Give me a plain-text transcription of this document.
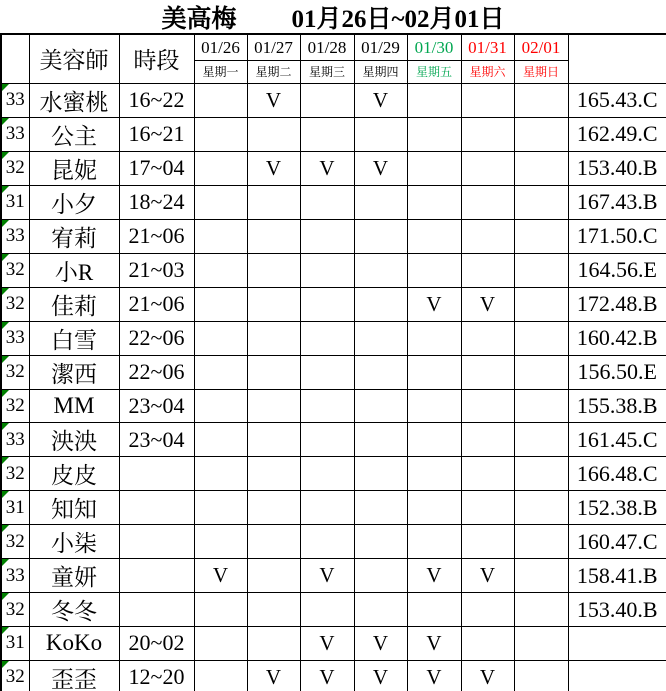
美高梅 01月26日~02月01日
	美容師	時段	01/26	01/27	01/28	01/29	01/30	01/31	02/01	
			星期一	星期二	星期三	星期四	星期五	星期六	星期日	

33	水蜜桃	16~22		V		V				165.43.C

33	公主	16~21								162.49.C

32	昆妮	17~04		V	V	V				153.40.B

31	小夕	18~24								167.43.B

33	宥莉	21~06								171.50.C

32	小R	21~03								164.56.E

32	佳莉	21~06					V	V		172.48.B

33	白雪	22~06								160.42.B

32	潔西	22~06								156.50.E

32	MM	23~04								155.38.B

33	泱泱	23~04								161.45.C

32	皮皮									166.48.C

31	知知									152.38.B

32	小柒									160.47.C

33	童妍		V		V		V	V		158.41.B

32	冬冬									153.40.B

31	KoKo	20~02			V	V	V			

32	歪歪	12~20		V	V	V	V	V		
